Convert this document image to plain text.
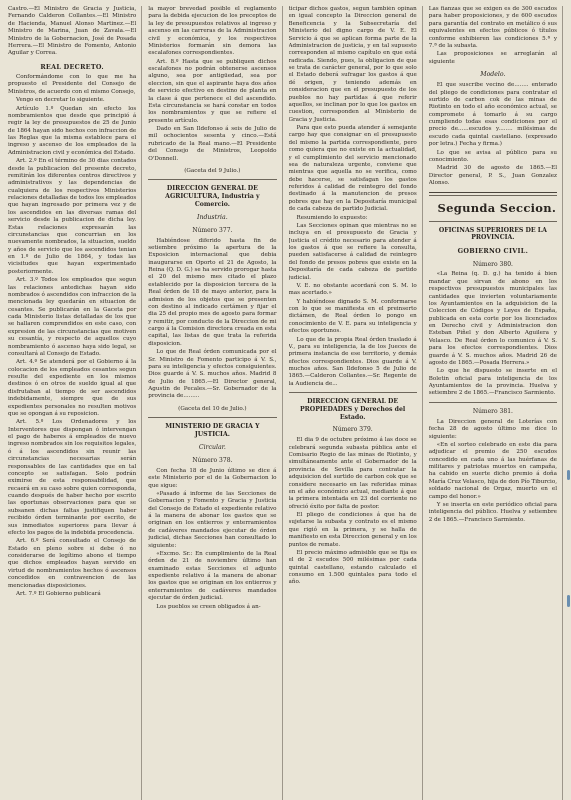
Castro.—El Ministro de Gracia y Justicia, Fernando Calderon Collantes.—El Ministro de Hacienda, Manuel Alonso Martinez.—El Ministro de Marina, Juan de Zavala.—El Ministro de la Gobernacion, José de Posada Herrera.—El Ministro de Fomento, Antonio Aguilar y Correa.

REAL DECRETO.

Conformándome con lo que me ha propuesto el Presidente del Consejo de Ministros, de acuerdo con el mismo Consejo,

Vengo en decretar lo siguiente.

Artículo 1.º Quedan sin efecto los nombramientos que desde que principió á regir la ley de presupuestos de 25 de Junio de 1864 hayan sido hechos con infraccion de las Reglas que la misma establece para el ingreso y ascenso de los empleados de la Administracion civil y económica del Estado.

Art. 2.º En el término de 30 dias contados desde la publicacion del presente decreto, remitirán los diferentes centros directivos y administrativos y las dependencias de cualquiera de los respectivos Ministerios relaciones detalladas de todos los empleados que hayan ingresado por primera vez y de los ascendidos en las diversas ramas del servicio desde la publicacion de dicha ley. Estas relaciones expresarán las circunstancias que concurrian en los nuevamente nombrados, la situacion, sueldo y años de servicio que los ascendidos tenian en 1.º de Julio de 1864, y todas las vicisitudes que hayan experimentado posteriormente.

Art. 3.º Todos los empleados que segun las relaciones antedichas hayan sido nombrados ó ascendidos con infraccion de la mencionada ley quedarán en situacion de cesantes. Se publicarán en la Gaceta por cada Ministerio listas detalladas de los que se hallaren comprendidos en este caso, con expresion de las circunstancias que motiven su cesantía, y respecto de aquellos cuyo nombramiento ó ascenso haya sido legal, se consultará al Consejo de Estado.

Art. 4.º Se atenderá por el Gobierno á la colocacion de los empleados cesantes segun resulte del expediente en los mismos destinos ó en otros de sueldo igual al que disfrutaban al tiempo de ser ascendidos indebidamente, siempre que de sus expedientes personales no resulten motivos que se opongan á su reposicion.

Art. 5.º Los Ordenadores y los Interventores que dispongan ó intervengan el pago de haberes á empleados de nuevo ingreso nombrados sin los requisitos legales, ó á los ascendidos sin reunir las circunstancias necesarias serán responsables de las cantidades que en tal concepto se satisfagan. Solo podrán eximirse de esta responsabilidad, que recaerá en su caso sobre quien corresponda, cuando después de haber hecho por escrito las oportunas observaciones para que se subsanen dichas faltas justifiquen haber recibido órden terminante por escrito, de sus inmediatos superiores para llevar á efecto los pagos de la indebida procedencia.

Art. 6.º Será consultado el Consejo de Estado en pleno sobre si debe ó no considerarse de legítimo abono el tiempo que dichos empleados hayan servido en virtud de nombramientos hechos ó ascensos concedidos en contravencion de las mencionadas disposiciones.

Art. 7.º El Gobierno publicará

la mayor brevedad posible el reglamento para la debida ejecucion de los preceptos de la ley de presupuestos relativos al ingreso y ascenso en las carreras de la Administracion civil y económica, y los respectivos Ministerios formarán sin demora las escalafones correspondientes.

Art. 8.º Hasta que se publiquen dichos escalafones no podrán obtenerse ascensos alguno, sea por antigüedad, sea por eleccion, sin que el aspirante haya dos años de servicio efectivo en destino de planta en la clase á que pertenece el del ascendido. Esta circunstancia se hará constar en todos los nombramientos y que se refiere el presente artículo.

Dado en San Ildefonso á seis de Julio de mil ochocientos sesenta y cinco.—Está rubricado de la Real mano.—El Presidente del Consejo de Ministros, Leopoldo O'Donnell.

(Gaceta del 9 Julio.)

DIRECCION GENERAL DE AGRICULTURA, Industria y Comercio.

Industria.

Número 377.

Habiéndose diferido hasta fin de setiembre próximo la apertura de la Exposicion internacional que debia inaugurarse en Oporto el 21 de Agosto, la Reina (Q. D. G.) se ha servido prorogar hasta el 20 del mismo mes citado el plazo establecido por la disposicion tercera de la Real órden de 18 de mayo anterior, para la admision de los objetos que se presenten con destino al indicado certámen y fijar el dia 25 del propio mes de agosto para formar y remitir, por conducto de la Direccion de mi cargo á la Comision directora creada en esta capital, las listas de que trata la referida disposicion.

Lo que de Real órden comunicada por el Sr. Ministro de Fomento participo á V. S., para su inteligencia y efectos consiguientes. Dios guarde á V. S. muchos años. Madrid 8 de Julio de 1865.—El Director general, Agustin de Pecales.—Sr. Gobernador de la provincia de.........

(Gaceta del 10 de Julio.)

MINISTERIO DE GRACIA Y JUSTICIA.

Circular.

Número 378.

Con fecha 18 de Junio último se dice á este Ministerio por el de la Gobernacion lo que sigue:

«Pasado á informe de las Secciones de Gobernacion y Fomento y Gracia y Justicia del Consejo de Estado el expediente relativo á la manera de abonar los gastos que se originan en los entierros y enterramientos de cadáveres mandados ejecutar de órden judicial, dichas Secciones han consultado lo siguiente:

«Excmo. Sr.: En cumplimiento de la Real órden de 21 de noviembre último han examinado estas Secciones el adjunto expediente relativo á la manera de abonar los gastos que se originan en los entierros y enterramientos de cadáveres mandados ejecutar de órden judicial.

Los pueblos se creen obligados á an-

ticipar dichos gastos, segun también opinan en igual concepto la Direccion general de Beneficencia y la Subsecretaría del Ministerio del digno cargo de V. E. El Servicio á que se aplican forma parte de la Administracion de justicia, y en tal supuesto corresponden al mismo capítulo en que está radicada. Siendo, pues, la obligacion de que se trata de carácter general, por lo que solo el Estado deberá sufragar los gastos á que dé origen, y teniendo además en consideracion que en el presupuesto de los pueblos no hay partidas á que referir aquellos, se inclinan por lo que los gastos en cuestion, corresponden al Ministerio de Gracia y Justicia.

Para que esto pueda atender á semejante cargo hay que consignar en el presupuesto del mismo la partida correspondiente, pero como quiera que no existe en la actualidad, y el cumplimiento del servicio mencionado sea de naturaleza urgente, conviene que mientras que aquella no se verifica, como debe hacerse, se satisfagan los gastos referidos á calidad de reintegro del fondo destinado á la manutencion de presos pobres que hay en la Depositaría municipal de cada cabeza de partido Judicial.

Resumiendo lo expuesto:

Las Secciones opinan que mientras no se incluya en el presupuesto de Gracia y Justicia el crédito necesario para atender á los gastos á que se refiere la consulta, pueden satisfacerse á calidad de reintegro del fondo de presos pobres que existe en la Depositaría de cada cabeza de partido judicial.

V. E. no obstante acordará con S. M. lo mas acertado.»

Y habiéndose dignado S. M. conformarse con lo que se manifiesta en el preinserto dictámen, de Real órden lo pongo en conocimiento de V. E. para su inteligencia y efectos oportunos.

Lo que de la propia Real órden traslado á V., para su inteligencia, la de los Jueces de primera instancia de ese territorio, y demás efectos correspondientes. Dios guarde á V. muchos años. San Ildefonso 5 de Julio de 1865.—Calderon Collantes.—Sr. Regente de la Audiencia de...

DIRECCION GENERAL DE PROPIEDADES y Derechos del Estado.

Número 379.

El dia 9 de octubre próximo á las doce se celebrará segunda subasta pública ante el Comisario Regio de las minas de Riotinto, y simultáneamente ante el Gobernador de la provincia de Sevilla para contratar la adquisicion del surtido de carbon cok que se considere necesario en las referidas minas en el año económico actual, mediante á que la primera intentada en 23 del corriente no ofreció éxito por falta de postor.

El pliego de condiciones á que ha de sujetarse la subasta y contrato es el mismo que rigió en la primera, y se halla de manifiesto en esta Direccion general y en los puntos de remate.

El precio máximo admisible que se fija es el de 2 escudos 500 milésimas por cada quintal castellano, estando calculado el consumo en 1.500 quintales para todo el año.

Las fianzas que se exigen es de 300 escudos para haber proposiciones, y de 600 escudos para garantía del contrato en metálico ó sus equivalentes en efectos públicos ó títulos conforme exhibieren las condiciones 5.ª y 7.ª de la subasta.

Las proposiciones se arreglarán al siguiente

Modelo.

El que suscribe vecino de........ enterado del pliego de condiciones para contratar el surtido de carbon cok de las minas de Riotinto en todo el año económico actual, se compromete á tomarlo á su cargo cumpliendo todas esas condiciones por el precio de......escudos y........ milésimas de escudo cada quintal castellano. (expresado por letra.) Fecha y firma.)

Lo que se avisa al público para su conocimiento.

Madrid 30 de agosto de 1865.—El Director general, P. S., Juan Gonzalez Alonso.

Segunda Seccion.

OFICINAS SUPERIORES DE LA PROVINCIA.

GOBIERNO CIVIL.

Número 380.

«La Reina (q. D. g.) ha tenido á bien mandar que sirvan de abono en los respectivos presupuestos municipales las cantidades que invierten voluntariamente los Ayuntamientos en la adquisicion de la Coleccion de Códigos y Leyes de España, publicada en esta corte por los licenciados en Derecho civil y Administracion don Esteban Piñel y don Alberto Aguilera y Velasco. De Real órden lo comunico á V. S. para los efectos correspondientes. Dios guarde á V. S. muchos años. Madrid 26 de agosto de 1865.—Posada Herrera.»

Lo que he dispuesto se inserte en el Boletin oficial para inteligencia de los Ayuntamientos de la provincia. Huelva y setiembre 2 de 1865.—Francisco Sarmiento.

Número 381.

La Direccion general de Loterías con fecha 28 de agosto último me dice lo siguiente:

«En el sorteo celebrado en este dia para adjudicar el premio de 250 escudos concedido en cada uno á las huérfanas de militares y patriotas muertos en campaña, ha cabido en suerte dicho premio á doña María Cruz Velasco, hija de don Pío Tiburcio, soldado nacional de Orgaz, muerto en el campo del honor.»

Y se inserta en este periódico oficial para inteligencia del público. Huelva y setiembre 2 de 1865.—Francisco Sarmiento.
